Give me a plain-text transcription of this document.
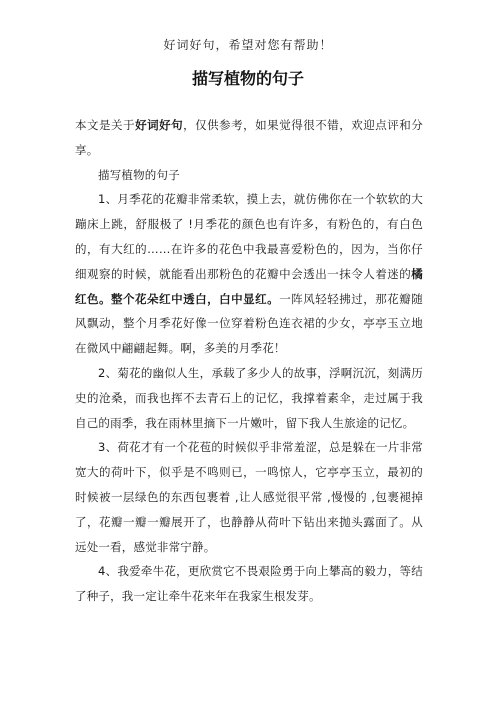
好词好句，希望对您有帮助！
描写植物的句子

本文是关于好词好句，仅供参考，如果觉得很不错，欢迎点评和分享。

描写植物的句子

1、月季花的花瓣非常柔软，摸上去，就仿佛你在一个软软的大蹦床上跳，舒服极了 !月季花的颜色也有许多，有粉色的，有白色的，有大红的……在许多的花色中我最喜爱粉色的，因为，当你仔细观察的时候，就能看出那粉色的花瓣中会透出一抹令人着迷的橘红色。整个花朵红中透白，白中显红。一阵风轻轻拂过，那花瓣随风飘动，整个月季花好像一位穿着粉色连衣裙的少女，亭亭玉立地在微风中翩翩起舞。啊，多美的月季花！

2、菊花的幽似人生，承载了多少人的故事，浮啊沉沉，刻满历史的沧桑，而我也挥不去青石上的记忆，我撑着素伞，走过属于我自己的雨季，我在雨林里摘下一片嫩叶，留下我人生旅途的记忆。

3、荷花才有一个花苞的时候似乎非常羞涩，总是躲在一片非常宽大的荷叶下，似乎是不鸣则已，一鸣惊人，它亭亭玉立，最初的时候被一层绿色的东西包裹着 ,让人感觉很平常 ,慢慢的 ,包裹褪掉了，花瓣一瓣一瓣展开了，也静静从荷叶下钻出来抛头露面了。从远处一看，感觉非常宁静。

4、我爱牵牛花，更欣赏它不畏艰险勇于向上攀高的毅力，等结了种子，我一定让牵牛花来年在我家生根发芽。
